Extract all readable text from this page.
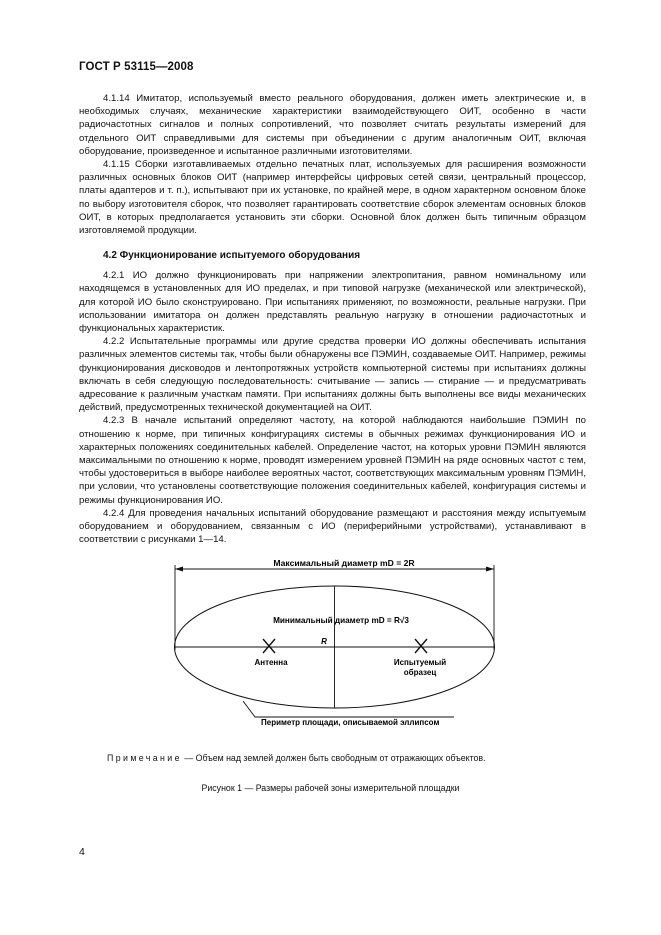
ГОСТ Р 53115—2008

4.1.14 Имитатор, используемый вместо реального оборудования, должен иметь электрические и, в необходимых случаях, механические характеристики взаимодействующего ОИТ, особенно в части радиочастотных сигналов и полных сопротивлений, что позволяет считать результаты измерений для отдельного ОИТ справедливыми для системы при объединении с другим аналогичным ОИТ, включая оборудование, произведенное и испытанное различными изготовителями.

4.1.15 Сборки изготавливаемых отдельно печатных плат, используемых для расширения возможности различных основных блоков ОИТ (например интерфейсы цифровых сетей связи, центральный процессор, платы адаптеров и т. п.), испытывают при их установке, по крайней мере, в одном характерном основном блоке по выбору изготовителя сборок, что позволяет гарантировать соответствие сборок элементам основных блоков ОИТ, в которых предполагается установить эти сборки. Основной блок должен быть типичным образцом изготовляемой продукции.

4.2 Функционирование испытуемого оборудования

4.2.1 ИО должно функционировать при напряжении электропитания, равном номинальному или находящемся в установленных для ИО пределах, и при типовой нагрузке (механической или электрической), для которой ИО было сконструировано. При испытаниях применяют, по возможности, реальные нагрузки. При использовании имитатора он должен представлять реальную нагрузку в отношении радиочастотных и функциональных характеристик.

4.2.2 Испытательные программы или другие средства проверки ИО должны обеспечивать испытания различных элементов системы так, чтобы были обнаружены все ПЭМИН, создаваемые ОИТ. Например, режимы функционирования дисководов и лентопротяжных устройств компьютерной системы при испытаниях должны включать в себя следующую последовательность: считывание — запись — стирание — и предусматривать адресование к различным участкам памяти. При испытаниях должны быть выполнены все виды механических действий, предусмотренных технической документацией на ОИТ.

4.2.3 В начале испытаний определяют частоту, на которой наблюдаются наибольшие ПЭМИН по отношению к норме, при типичных конфигурациях системы в обычных режимах функционирования ИО и характерных положениях соединительных кабелей. Определение частот, на которых уровни ПЭМИН являются максимальными по отношению к норме, проводят измерением уровней ПЭМИН на ряде основных частот с тем, чтобы удостовериться в выборе наиболее вероятных частот, соответствующих максимальным уровням ПЭМИН, при условии, что установлены соответствующие положения соединительных кабелей, конфигурация системы и режимы функционирования ИО.

4.2.4 Для проведения начальных испытаний оборудование размещают и расстояния между испытуемым оборудованием и оборудованием, связанным с ИО (периферийными устройствами), устанавливают в соответствии с рисунками 1—14.

Максимальный диаметр mD = 2R
Минимальный диаметр mD = R√3
R
Антенна	Испытуемый
образец
Периметр площади, описываемой эллипсом
Примечание — Объем над землей должен быть свободным от отражающих объектов.
Рисунок 1 — Размеры рабочей зоны измерительной площадки
4
